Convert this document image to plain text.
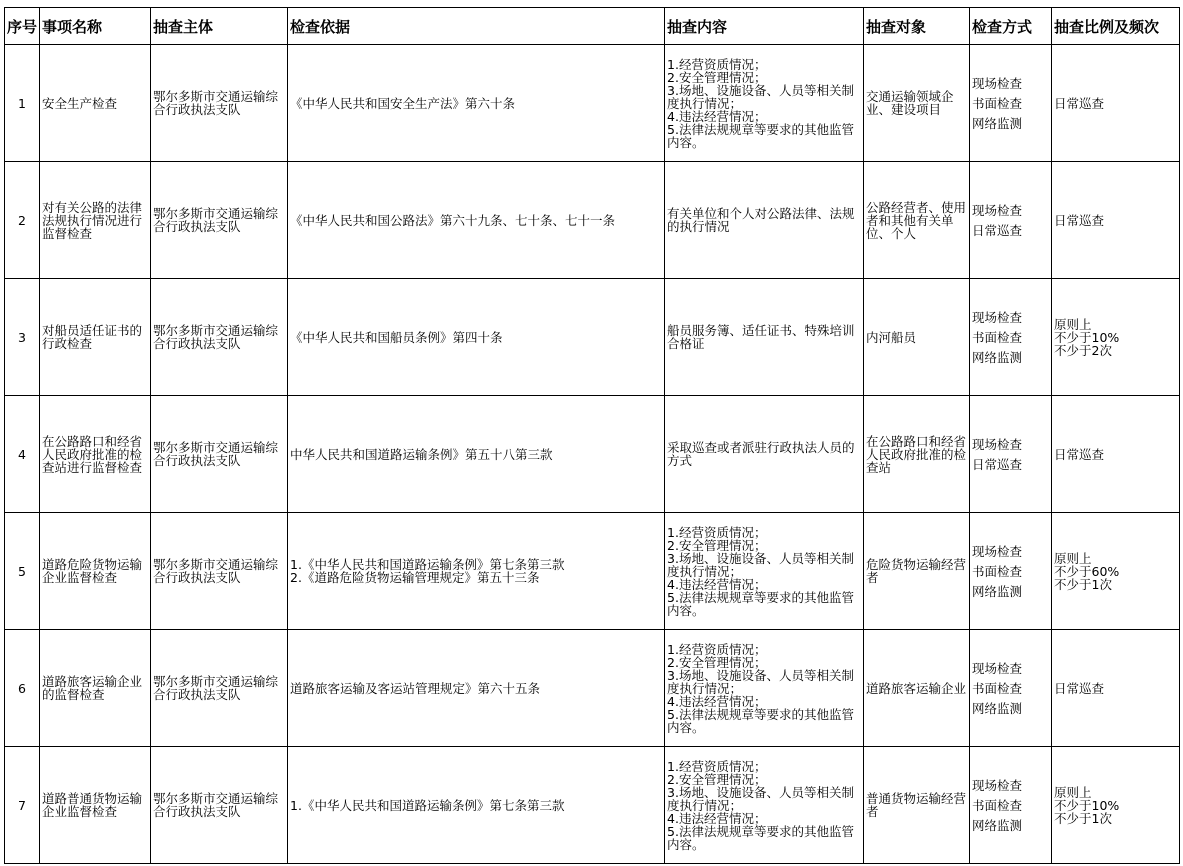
序号	事项名称	抽查主体	检查依据	抽查内容	抽查对象	检查方式	抽查比例及频次
1	安全生产检查	鄂尔多斯市交通运输综合行政执法支队	《中华人民共和国安全生产法》第六十条	1.经营资质情况；
2.安全管理情况；
3.场地、设施设备、人员等相关制度执行情况；
4.违法经营情况；
5.法律法规规章等要求的其他监管内容。	交通运输领域企业、建设项目	现场检查
书面检查
网络监测	日常巡查
2	对有关公路的法律法规执行情况进行监督检查	鄂尔多斯市交通运输综合行政执法支队	《中华人民共和国公路法》第六十九条、七十条、七十一条	有关单位和个人对公路法律、法规的执行情况	公路经营者、使用者和其他有关单位、个人	现场检查
日常巡查	日常巡查
3	对船员适任证书的行政检查	鄂尔多斯市交通运输综合行政执法支队	《中华人民共和国船员条例》第四十条	船员服务簿、适任证书、特殊培训合格证	内河船员	现场检查
书面检查
网络监测	原则上
不少于10%
不少于2次
4	在公路路口和经省人民政府批准的检查站进行监督检查	鄂尔多斯市交通运输综合行政执法支队	中华人民共和国道路运输条例》第五十八第三款	采取巡查或者派驻行政执法人员的方式	在公路路口和经省人民政府批准的检查站	现场检查
日常巡查	日常巡查
5	道路危险货物运输企业监督检查	鄂尔多斯市交通运输综合行政执法支队	1.《中华人民共和国道路运输条例》第七条第三款
2.《道路危险货物运输管理规定》第五十三条	1.经营资质情况；
2.安全管理情况；
3.场地、设施设备、人员等相关制度执行情况；
4.违法经营情况；
5.法律法规规章等要求的其他监管内容。	危险货物运输经营者	现场检查
书面检查
网络监测	原则上
不少于60%
不少于1次
6	道路旅客运输企业的监督检查	鄂尔多斯市交通运输综合行政执法支队	道路旅客运输及客运站管理规定》第六十五条	1.经营资质情况；
2.安全管理情况；
3.场地、设施设备、人员等相关制度执行情况；
4.违法经营情况；
5.法律法规规章等要求的其他监管内容。	道路旅客运输企业	现场检查
书面检查
网络监测	日常巡查
7	道路普通货物运输企业监督检查	鄂尔多斯市交通运输综合行政执法支队	1.《中华人民共和国道路运输条例》第七条第三款	1.经营资质情况；
2.安全管理情况；
3.场地、设施设备、人员等相关制度执行情况；
4.违法经营情况；
5.法律法规规章等要求的其他监管内容。	普通货物运输经营者	现场检查
书面检查
网络监测	原则上
不少于10%
不少于1次
